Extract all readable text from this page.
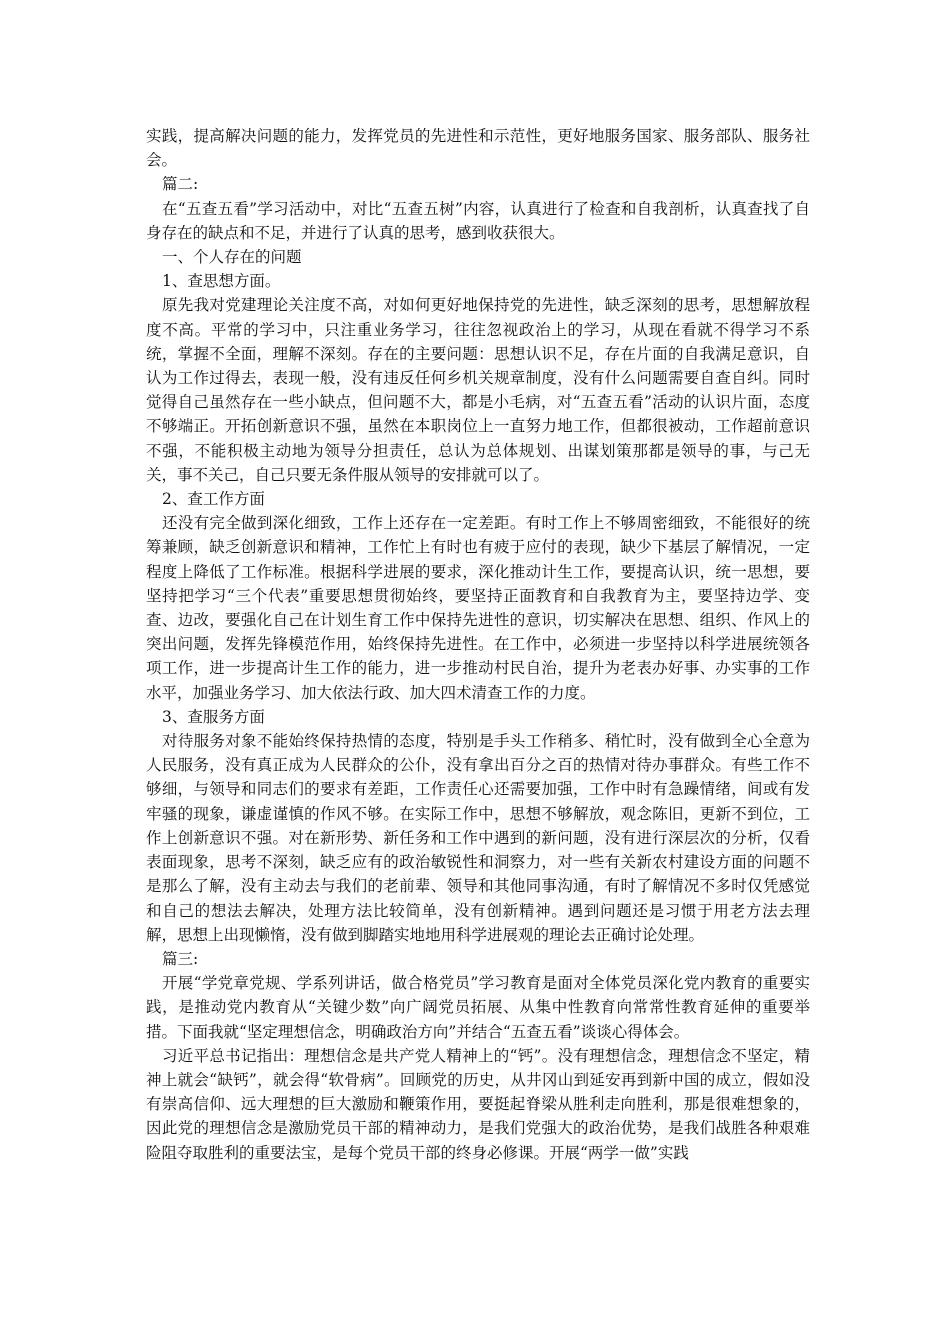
实践，提高解决问题的能力，发挥党员的先进性和示范性，更好地服务国家、服务部队、服务社会。

篇二:

在“五查五看”学习活动中，对比“五查五树”内容，认真进行了检查和自我剖析，认真查找了自身存在的缺点和不足，并进行了认真的思考，感到收获很大。

一、个人存在的问题

1、查思想方面。

原先我对党建理论关注度不高，对如何更好地保持党的先进性，缺乏深刻的思考，思想解放程度不高。平常的学习中，只注重业务学习，往往忽视政治上的学习，从现在看就不得学习不系统，掌握不全面，理解不深刻。存在的主要问题：思想认识不足，存在片面的自我满足意识，自认为工作过得去，表现一般，没有违反任何乡机关规章制度，没有什么问题需要自查自纠。同时觉得自己虽然存在一些小缺点，但问题不大，都是小毛病，对“五查五看”活动的认识片面，态度不够端正。开拓创新意识不强，虽然在本职岗位上一直努力地工作，但都很被动，工作超前意识不强，不能积极主动地为领导分担责任，总认为总体规划、出谋划策那都是领导的事，与己无关，事不关己，自己只要无条件服从领导的安排就可以了。

2、查工作方面

还没有完全做到深化细致，工作上还存在一定差距。有时工作上不够周密细致，不能很好的统筹兼顾，缺乏创新意识和精神，工作忙上有时也有疲于应付的表现，缺少下基层了解情况，一定程度上降低了工作标准。根据科学进展的要求，深化推动计生工作，要提高认识，统一思想，要坚持把学习“三个代表”重要思想贯彻始终，要坚持正面教育和自我教育为主，要坚持边学、变查、边改，要强化自己在计划生育工作中保持先进性的意识，切实解决在思想、组织、作风上的突出问题，发挥先锋模范作用，始终保持先进性。在工作中，必须进一步坚持以科学进展统领各项工作，进一步提高计生工作的能力，进一步推动村民自治，提升为老表办好事、办实事的工作水平，加强业务学习、加大依法行政、加大四术清查工作的力度。

3、查服务方面

对待服务对象不能始终保持热情的态度，特别是手头工作稍多、稍忙时，没有做到全心全意为人民服务，没有真正成为人民群众的公仆，没有拿出百分之百的热情对待办事群众。有些工作不够细，与领导和同志们的要求有差距，工作责任心还需要加强，工作中时有急躁情绪，间或有发牢骚的现象，谦虚谨慎的作风不够。在实际工作中，思想不够解放，观念陈旧，更新不到位，工作上创新意识不强。对在新形势、新任务和工作中遇到的新问题，没有进行深层次的分析，仅看表面现象，思考不深刻，缺乏应有的政治敏锐性和洞察力，对一些有关新农村建设方面的问题不是那么了解，没有主动去与我们的老前辈、领导和其他同事沟通，有时了解情况不多时仅凭感觉和自己的想法去解决，处理方法比较简单，没有创新精神。遇到问题还是习惯于用老方法去理解，思想上出现懒惰，没有做到脚踏实地地用科学进展观的理论去正确讨论处理。

篇三:

开展“学党章党规、学系列讲话，做合格党员”学习教育是面对全体党员深化党内教育的重要实践，是推动党内教育从“关键少数”向广阔党员拓展、从集中性教育向常常性教育延伸的重要举措。下面我就“坚定理想信念，明确政治方向”并结合“五查五看”谈谈心得体会。

习近平总书记指出：理想信念是共产党人精神上的“钙”。没有理想信念，理想信念不坚定，精神上就会“缺钙”，就会得“软骨病”。回顾党的历史，从井冈山到延安再到新中国的成立，假如没有崇高信仰、远大理想的巨大激励和鞭策作用，要挺起脊梁从胜利走向胜利，那是很难想象的，因此党的理想信念是激励党员干部的精神动力，是我们党强大的政治优势，是我们战胜各种艰难险阻夺取胜利的重要法宝，是每个党员干部的终身必修课。开展“两学一做”实践
